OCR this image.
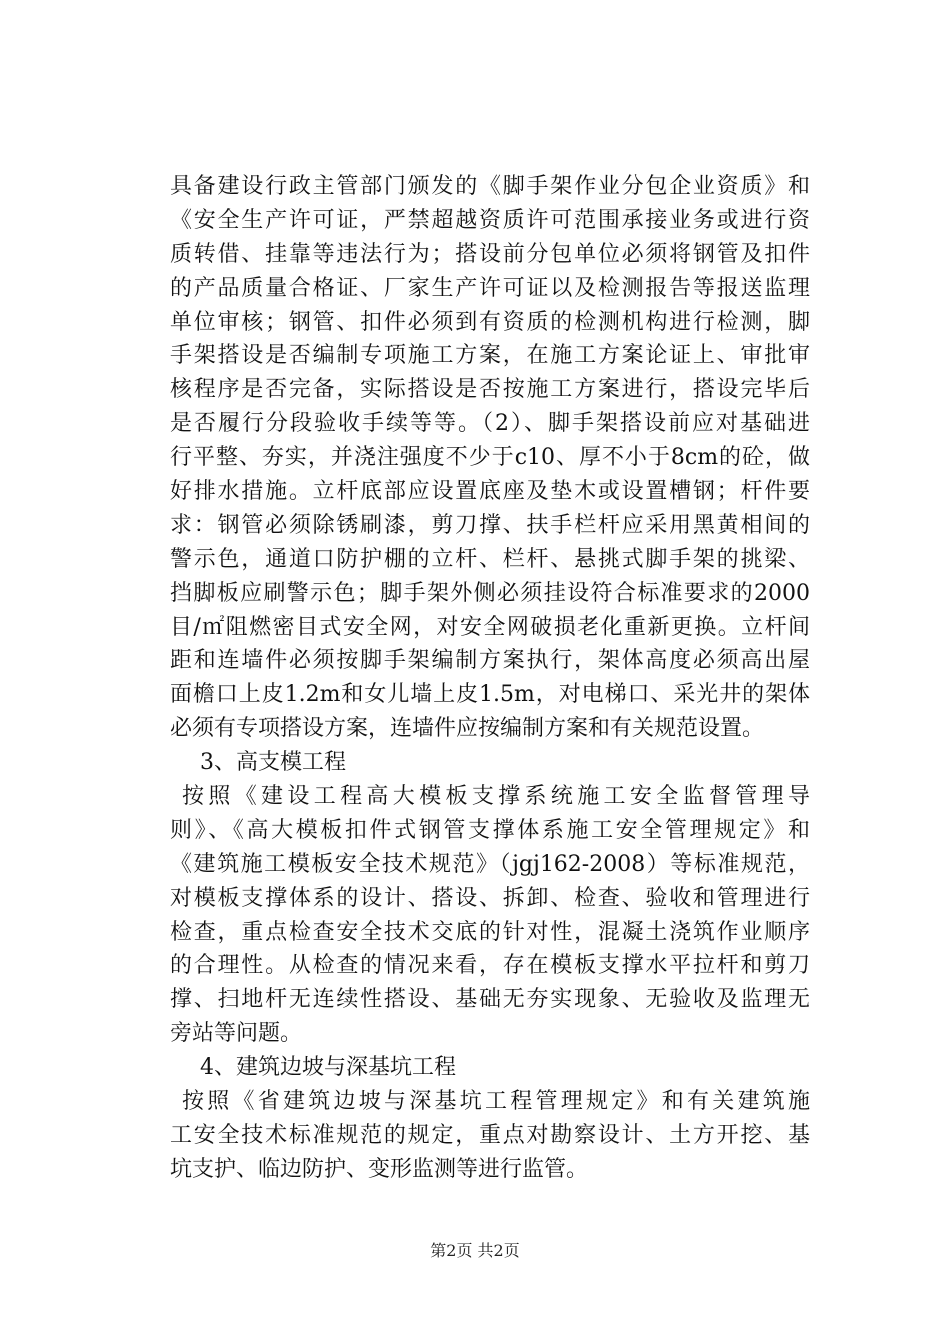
具备建设行政主管部门颁发的《脚手架作业分包企业资质》和
《安全生产许可证，严禁超越资质许可范围承接业务或进行资
质转借、挂靠等违法行为；搭设前分包单位必须将钢管及扣件
的产品质量合格证、厂家生产许可证以及检测报告等报送监理
单位审核；钢管、扣件必须到有资质的检测机构进行检测，脚
手架搭设是否编制专项施工方案，在施工方案论证上、审批审
核程序是否完备，实际搭设是否按施工方案进行，搭设完毕后
是否履行分段验收手续等等。（2）、脚手架搭设前应对基础进
行平整、夯实，并浇注强度不少于c10、厚不小于8cm的砼，做
好排水措施。立杆底部应设置底座及垫木或设置槽钢；杆件要
求：钢管必须除锈刷漆，剪刀撑、扶手栏杆应采用黑黄相间的
警示色，通道口防护棚的立杆、栏杆、悬挑式脚手架的挑梁、
挡脚板应刷警示色；脚手架外侧必须挂设符合标准要求的2000
目/㎡阻燃密目式安全网，对安全网破损老化重新更换。立杆间
距和连墙件必须按脚手架编制方案执行，架体高度必须高出屋
面檐口上皮1.2m和女儿墙上皮1.5m，对电梯口、采光井的架体
必须有专项搭设方案，连墙件应按编制方案和有关规范设置。
3、高支模工程
按照《建设工程高大模板支撑系统施工安全监督管理导
则》、《高大模板扣件式钢管支撑体系施工安全管理规定》和
《建筑施工模板安全技术规范》（jgj162-2008）等标准规范，
对模板支撑体系的设计、搭设、拆卸、检查、验收和管理进行
检查，重点检查安全技术交底的针对性，混凝土浇筑作业顺序
的合理性。从检查的情况来看，存在模板支撑水平拉杆和剪刀
撑、扫地杆无连续性搭设、基础无夯实现象、无验收及监理无
旁站等问题。
4、建筑边坡与深基坑工程
按照《省建筑边坡与深基坑工程管理规定》和有关建筑施
工安全技术标准规范的规定，重点对勘察设计、土方开挖、基
坑支护、临边防护、变形监测等进行监管。
第2页 共2页
